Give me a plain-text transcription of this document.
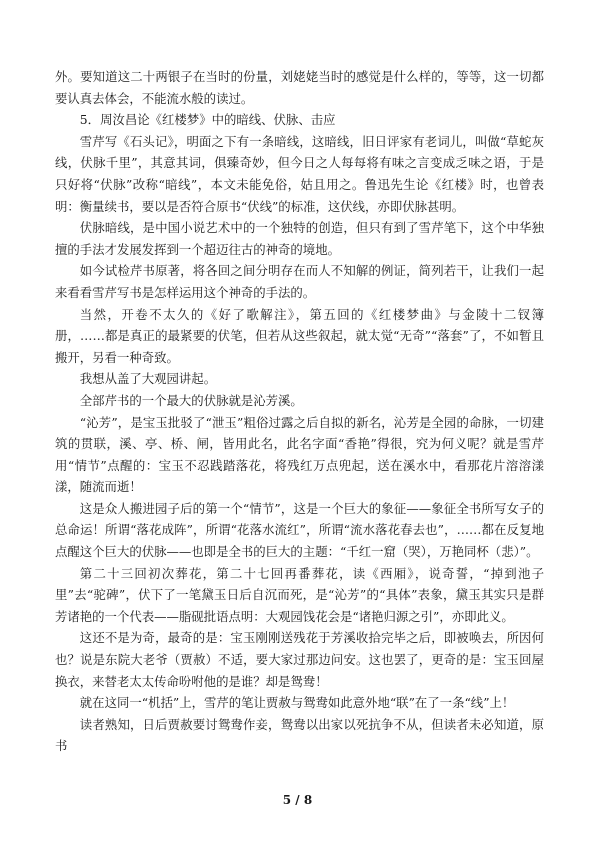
外。要知道这二十两银子在当时的份量，刘姥姥当时的感觉是什么样的，等等，这一切都要认真去体会，不能流水般的读过。

5．周汝昌论《红楼梦》中的暗线、伏脉、击应

雪芹写《石头记》，明面之下有一条暗线，这暗线，旧日评家有老词儿，叫做“草蛇灰线，伏脉千里”，其意其词，俱臻奇妙，但今日之人每每将有味之言变成乏味之语，于是只好将“伏脉”改称“暗线”，本文未能免俗，姑且用之。鲁迅先生论《红楼》时，也曾表明：衡量续书，要以是否符合原书“伏线”的标准，这伏线，亦即伏脉甚明。

伏脉暗线，是中国小说艺术中的一个独特的创造，但只有到了雪芹笔下，这个中华独擅的手法才发展发挥到一个超迈往古的神奇的境地。

如今试检芹书原著，将各回之间分明存在而人不知解的例证，简列若干，让我们一起来看看雪芹写书是怎样运用这个神奇的手法的。

当然，开卷不太久的《好了歌解注》，第五回的《红楼梦曲》与金陵十二钗簿册，……都是真正的最紧要的伏笔，但若从这些叙起，就太觉“无奇”“落套”了，不如暂且搬开，另看一种奇致。

我想从盖了大观园讲起。

全部芹书的一个最大的伏脉就是沁芳溪。

“沁芳”，是宝玉批驳了“泄玉”粗俗过露之后自拟的新名，沁芳是全园的命脉，一切建筑的贯联，溪、亭、桥、闸，皆用此名，此名字面“香艳”得很，究为何义呢？就是雪芹用“情节”点醒的：宝玉不忍践踏落花，将残红万点兜起，送在溪水中，看那花片溶溶漾漾，随流而逝！

这是众人搬进园子后的第一个“情节”，这是一个巨大的象征——象征全书所写女子的总命运！所谓“落花成阵”，所谓“花落水流红”，所谓“流水落花春去也”，……都在反复地点醒这个巨大的伏脉——也即是全书的巨大的主题：“千红一窟（哭），万艳同杯（悲）”。

第二十三回初次葬花，第二十七回再番葬花，读《西厢》，说奇誓，“掉到池子里”去“驼碑”，伏下了一笔黛玉日后自沉而死，是“沁芳”的“具体”表象，黛玉其实只是群芳诸艳的一个代表——脂砚批语点明：大观园饯花会是“诸艳归源之引”，亦即此义。

这还不是为奇，最奇的是：宝玉刚刚送残花于芳溪收拾完毕之后，即被唤去，所因何也？说是东院大老爷（贾赦）不适，要大家过那边问安。这也罢了，更奇的是：宝玉回屋换衣，来替老太太传命吩咐他的是谁？却是鸳鸯！

就在这同一“机括”上，雪芹的笔让贾赦与鸳鸯如此意外地“联”在了一条“线”上！

读者熟知，日后贾赦要讨鸳鸯作妾，鸳鸯以出家以死抗争不从，但读者未必知道，原书

5 / 8
